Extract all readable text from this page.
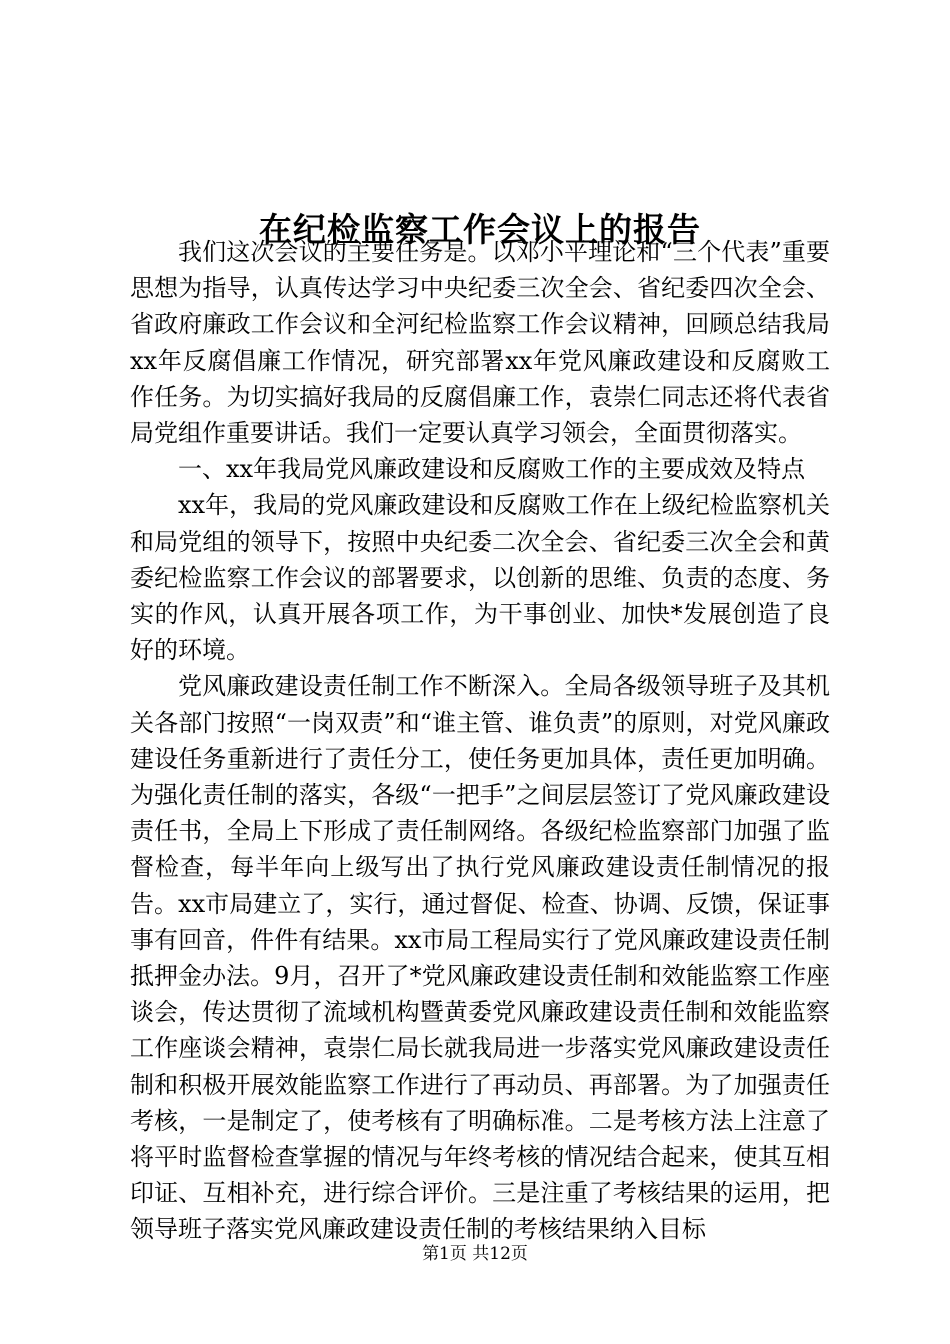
在纪检监察工作会议上的报告

我们这次会议的主要任务是。以邓小平理论和“三个代表”重要思想为指导，认真传达学习中央纪委三次全会、省纪委四次全会、省政府廉政工作会议和全河纪检监察工作会议精神，回顾总结我局xx年反腐倡廉工作情况，研究部署xx年党风廉政建设和反腐败工作任务。为切实搞好我局的反腐倡廉工作，袁崇仁同志还将代表省局党组作重要讲话。我们一定要认真学习领会，全面贯彻落实。

一、xx年我局党风廉政建设和反腐败工作的主要成效及特点

xx年，我局的党风廉政建设和反腐败工作在上级纪检监察机关和局党组的领导下，按照中央纪委二次全会、省纪委三次全会和黄委纪检监察工作会议的部署要求，以创新的思维、负责的态度、务实的作风，认真开展各项工作，为干事创业、加快*发展创造了良好的环境。

党风廉政建设责任制工作不断深入。全局各级领导班子及其机关各部门按照“一岗双责”和“谁主管、谁负责”的原则，对党风廉政建设任务重新进行了责任分工，使任务更加具体，责任更加明确。为强化责任制的落实，各级“一把手”之间层层签订了党风廉政建设责任书，全局上下形成了责任制网络。各级纪检监察部门加强了监督检查，每半年向上级写出了执行党风廉政建设责任制情况的报告。xx市局建立了，实行，通过督促、检查、协调、反馈，保证事事有回音，件件有结果。xx市局工程局实行了党风廉政建设责任制抵押金办法。9月，召开了*党风廉政建设责任制和效能监察工作座谈会，传达贯彻了流域机构暨黄委党风廉政建设责任制和效能监察工作座谈会精神，袁崇仁局长就我局进一步落实党风廉政建设责任制和积极开展效能监察工作进行了再动员、再部署。为了加强责任考核，一是制定了，使考核有了明确标准。二是考核方法上注意了将平时监督检查掌握的情况与年终考核的情况结合起来，使其互相印证、互相补充，进行综合评价。三是注重了考核结果的运用，把领导班子落实党风廉政建设责任制的考核结果纳入目标

第1页 共12页
